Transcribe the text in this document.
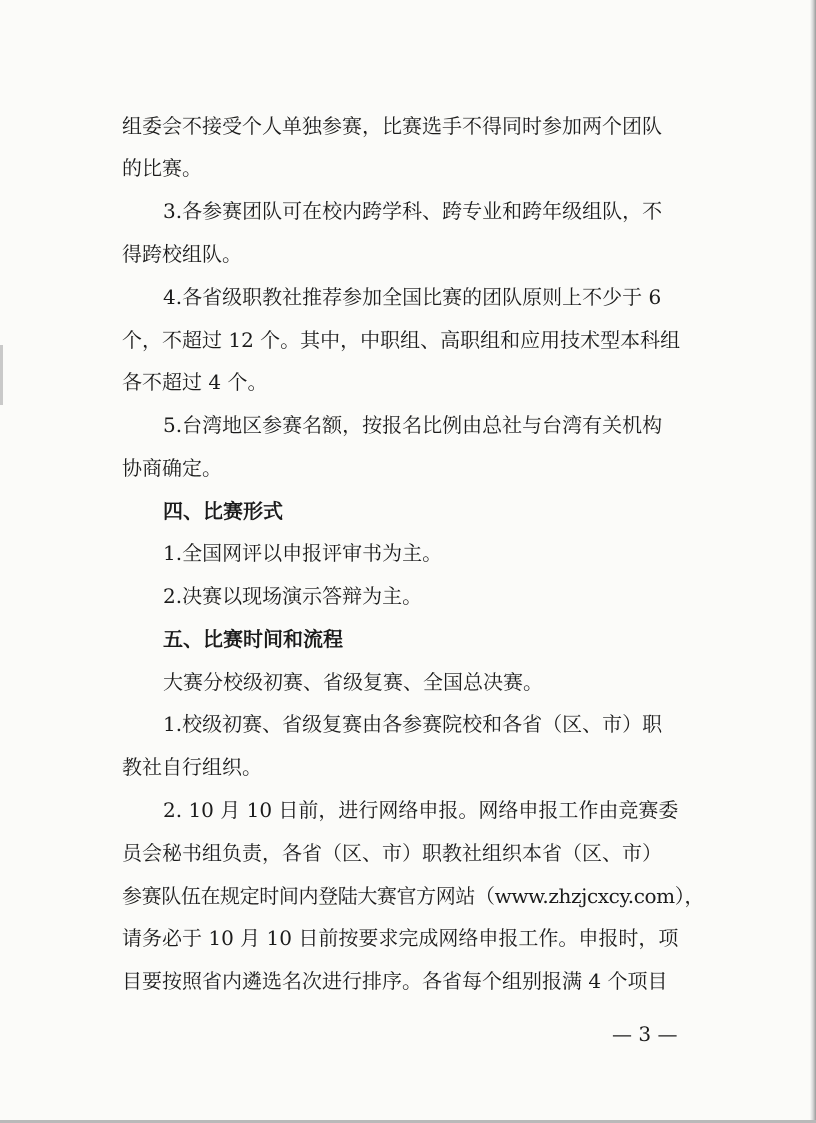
组委会不接受个人单独参赛，比赛选手不得同时参加两个团队

的比赛。

3.各参赛团队可在校内跨学科、跨专业和跨年级组队，不

得跨校组队。

4.各省级职教社推荐参加全国比赛的团队原则上不少于 6

个，不超过 12 个。其中，中职组、高职组和应用技术型本科组

各不超过 4 个。

5.台湾地区参赛名额，按报名比例由总社与台湾有关机构

协商确定。

四、比赛形式

1.全国网评以申报评审书为主。

2.决赛以现场演示答辩为主。

五、比赛时间和流程

大赛分校级初赛、省级复赛、全国总决赛。

1.校级初赛、省级复赛由各参赛院校和各省（区、市）职

教社自行组织。

2. 10 月 10 日前，进行网络申报。网络申报工作由竞赛委

员会秘书组负责，各省（区、市）职教社组织本省（区、市）

参赛队伍在规定时间内登陆大赛官方网站（www.zhzjcxcy.com），

请务必于 10 月 10 日前按要求完成网络申报工作。申报时，项

目要按照省内遴选名次进行排序。各省每个组别报满 4 个项目

— 3 —
